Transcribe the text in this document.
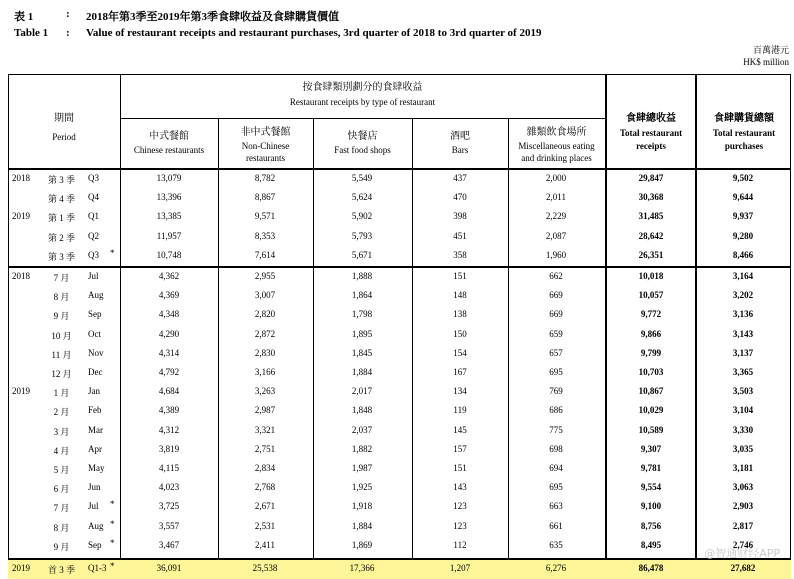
表 1	: 2018年第3季至2019年第3季食肆收益及食肆購貨價值
Table 1 : Value of restaurant receipts and restaurant purchases, 3rd quarter of 2018 to 3rd quarter of 2019
百萬港元
HK$ million
期間
Period
按食肆類別劃分的食肆收益
Restaurant receipts by type of restaurant
中式餐館
Chinese restaurants
非中式餐館
Non-Chinese
restaurants
快餐店
Fast food shops
酒吧
Bars
雜類飲食場所
Miscellaneous eating
and drinking places
食肆總收益
Total restaurant
receipts
食肆購貨總額
Total restaurant
purchases
2018	第 3 季	Q3	13,079	8,782	5,549	437	2,000	29,847	9,502
第 4 季	Q4	13,396	8,867	5,624	470	2,011	30,368	9,644
2019	第 1 季	Q1	13,385	9,571	5,902	398	2,229	31,485	9,937
第 2 季	Q2	11,957	8,353	5,793	451	2,087	28,642	9,280
第 3 季	Q3 *	10,748	7,614	5,671	358	1,960	26,351	8,466
2018	7 月	Jul	4,362	2,955	1,888	151	662	10,018	3,164
8 月	Aug	4,369	3,007	1,864	148	669	10,057	3,202
9 月	Sep	4,348	2,820	1,798	138	669	9,772	3,136
10 月	Oct	4,290	2,872	1,895	150	659	9,866	3,143
11 月	Nov	4,314	2,830	1,845	154	657	9,799	3,137
12 月	Dec	4,792	3,166	1,884	167	695	10,703	3,365
2019	1 月	Jan	4,684	3,263	2,017	134	769	10,867	3,503
2 月	Feb	4,389	2,987	1,848	119	686	10,029	3,104
3 月	Mar	4,312	3,321	2,037	145	775	10,589	3,330
4 月	Apr	3,819	2,751	1,882	157	698	9,307	3,035
5 月	May	4,115	2,834	1,987	151	694	9,781	3,181
6 月	Jun	4,023	2,768	1,925	143	695	9,554	3,063
7 月	Jul *	3,725	2,671	1,918	123	663	9,100	2,903
8 月	Aug *	3,557	2,531	1,884	123	661	8,756	2,817
9 月	Sep *	3,467	2,411	1,869	112	635	8,495	2,746
2019	首 3 季	Q1-3 *	36,091	25,538	17,366	1,207	6,276	86,478	27,682
@智通财经APP
